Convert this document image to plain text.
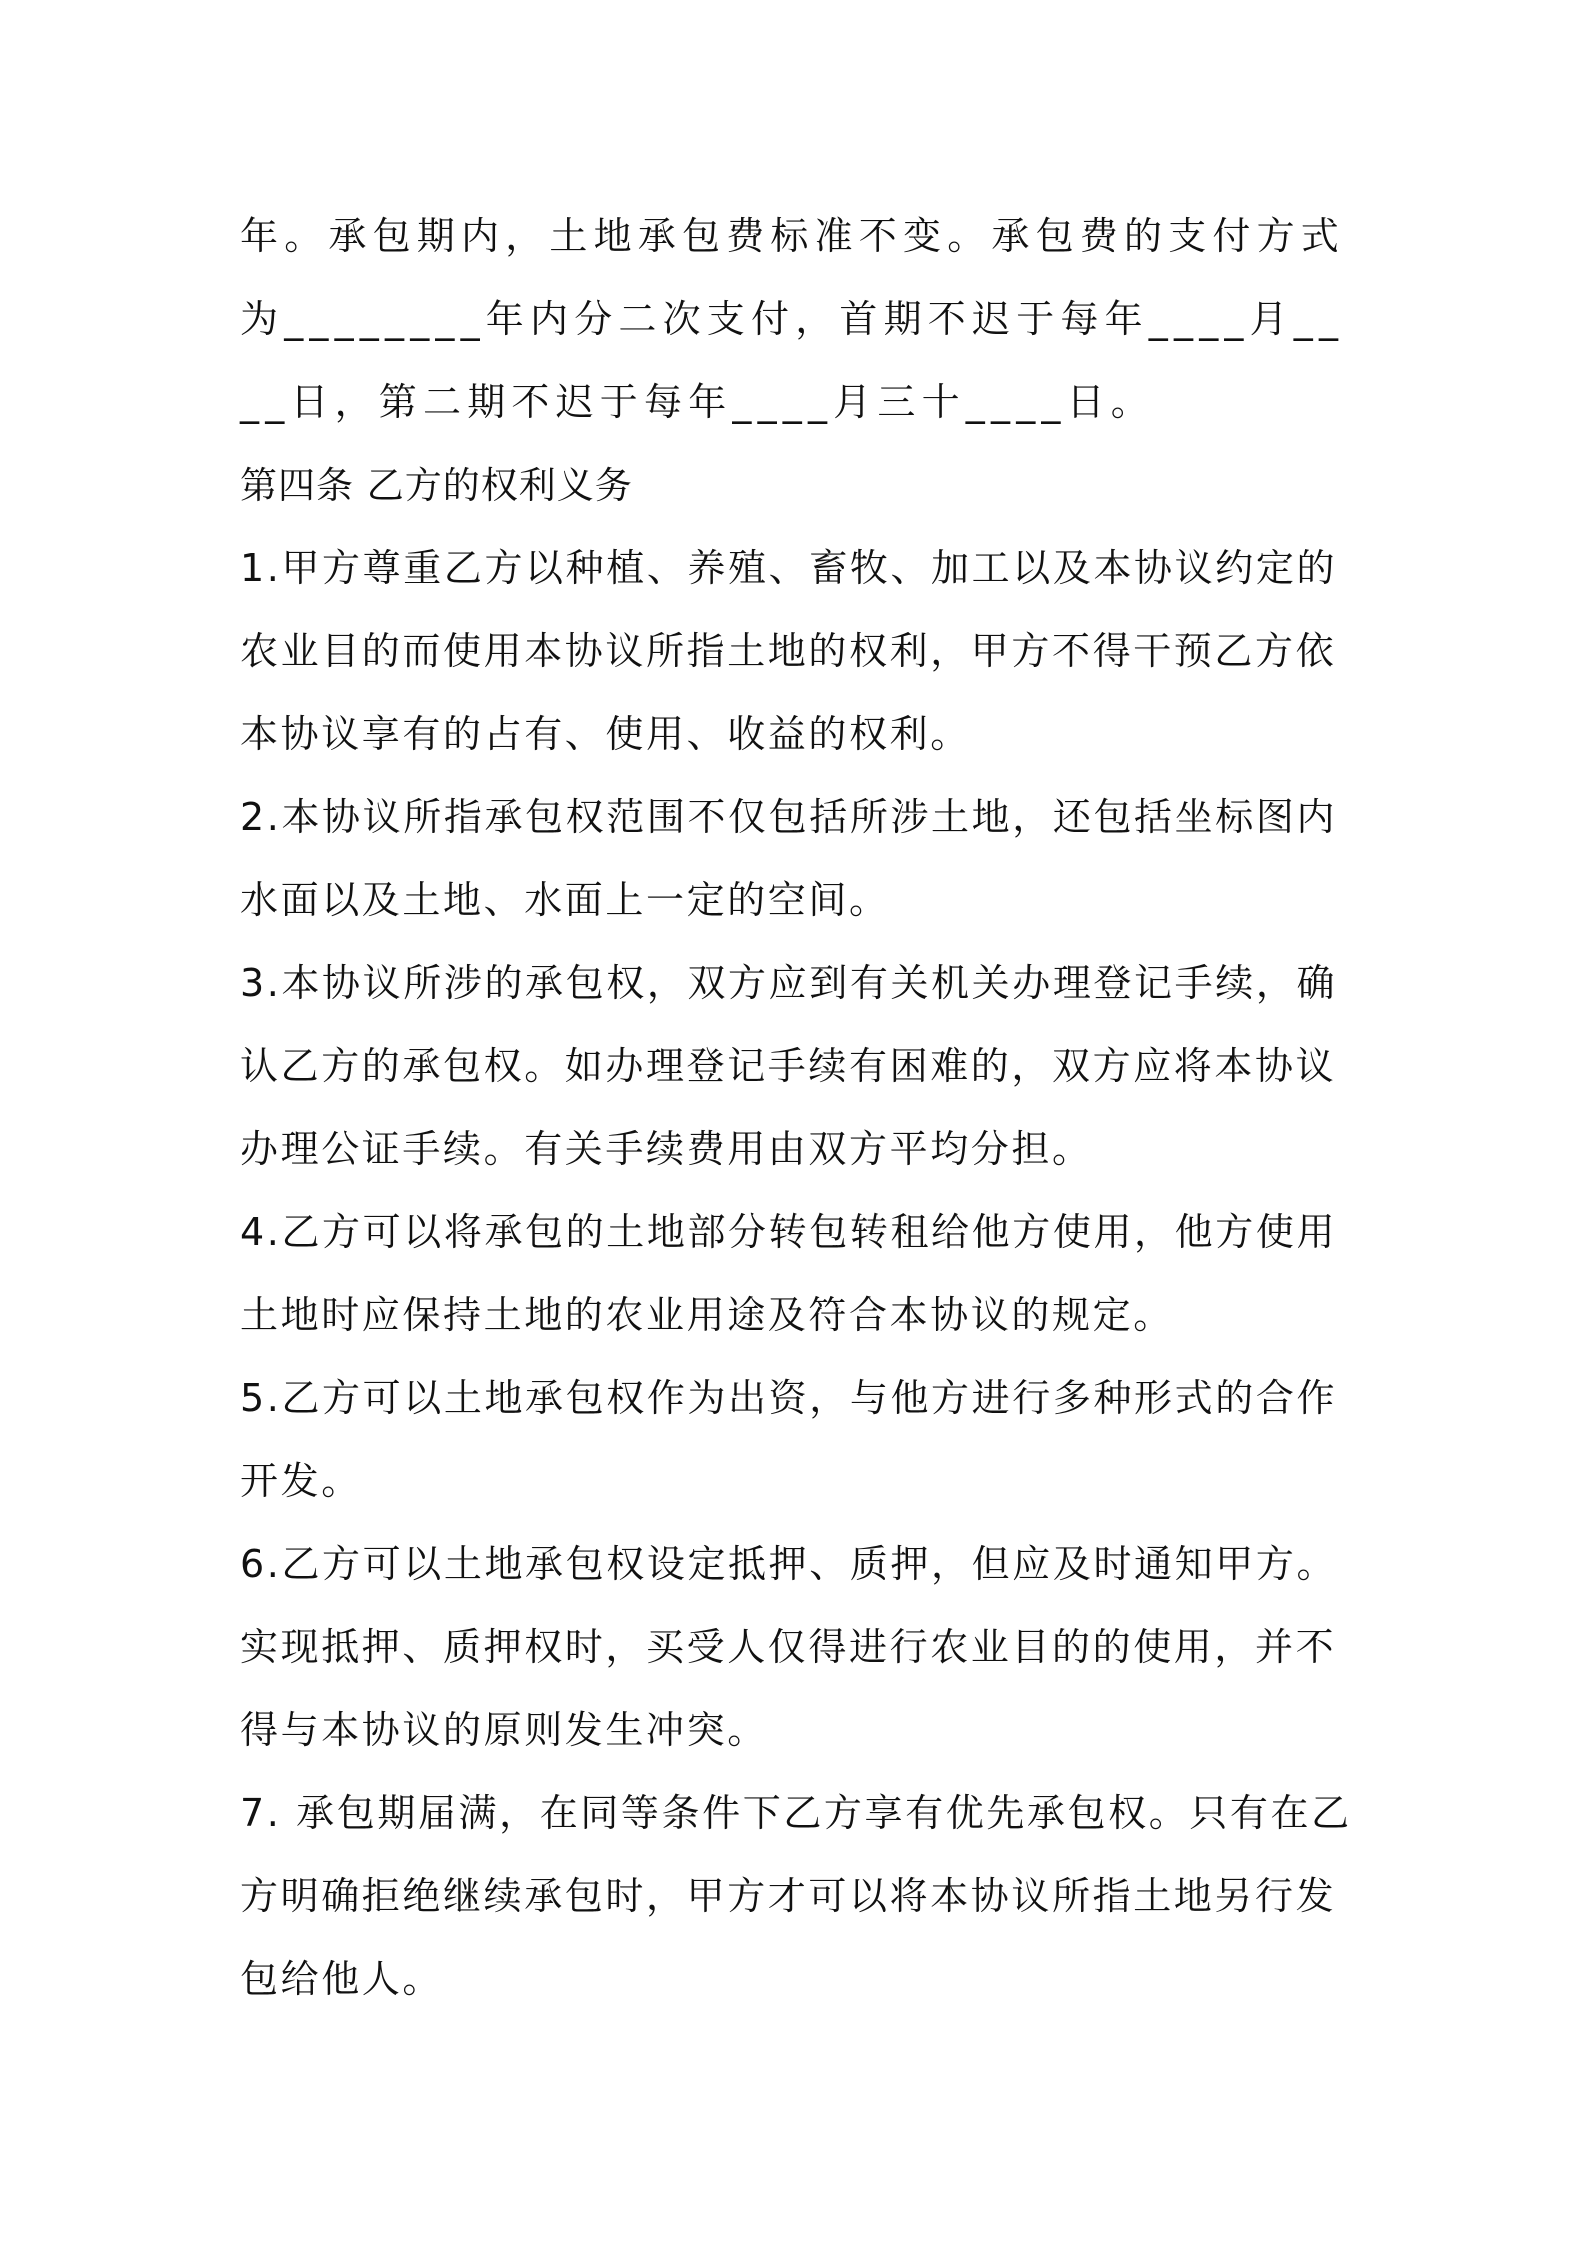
年。承包期内，土地承包费标准不变。承包费的支付方式为________年内分二次支付，首期不迟于每年____月____日，第二期不迟于每年____月三十____日。

第四条 乙方的权利义务

1.甲方尊重乙方以种植、养殖、畜牧、加工以及本协议约定的农业目的而使用本协议所指土地的权利，甲方不得干预乙方依本协议享有的占有、使用、收益的权利。

2.本协议所指承包权范围不仅包括所涉土地，还包括坐标图内水面以及土地、水面上一定的空间。

3.本协议所涉的承包权，双方应到有关机关办理登记手续，确认乙方的承包权。如办理登记手续有困难的，双方应将本协议办理公证手续。有关手续费用由双方平均分担。

4.乙方可以将承包的土地部分转包转租给他方使用，他方使用土地时应保持土地的农业用途及符合本协议的规定。

5.乙方可以土地承包权作为出资，与他方进行多种形式的合作开发。

6.乙方可以土地承包权设定抵押、质押，但应及时通知甲方。实现抵押、质押权时，买受人仅得进行农业目的的使用，并不得与本协议的原则发生冲突。

7. 承包期届满，在同等条件下乙方享有优先承包权。只有在乙方明确拒绝继续承包时，甲方才可以将本协议所指土地另行发包给他人。
